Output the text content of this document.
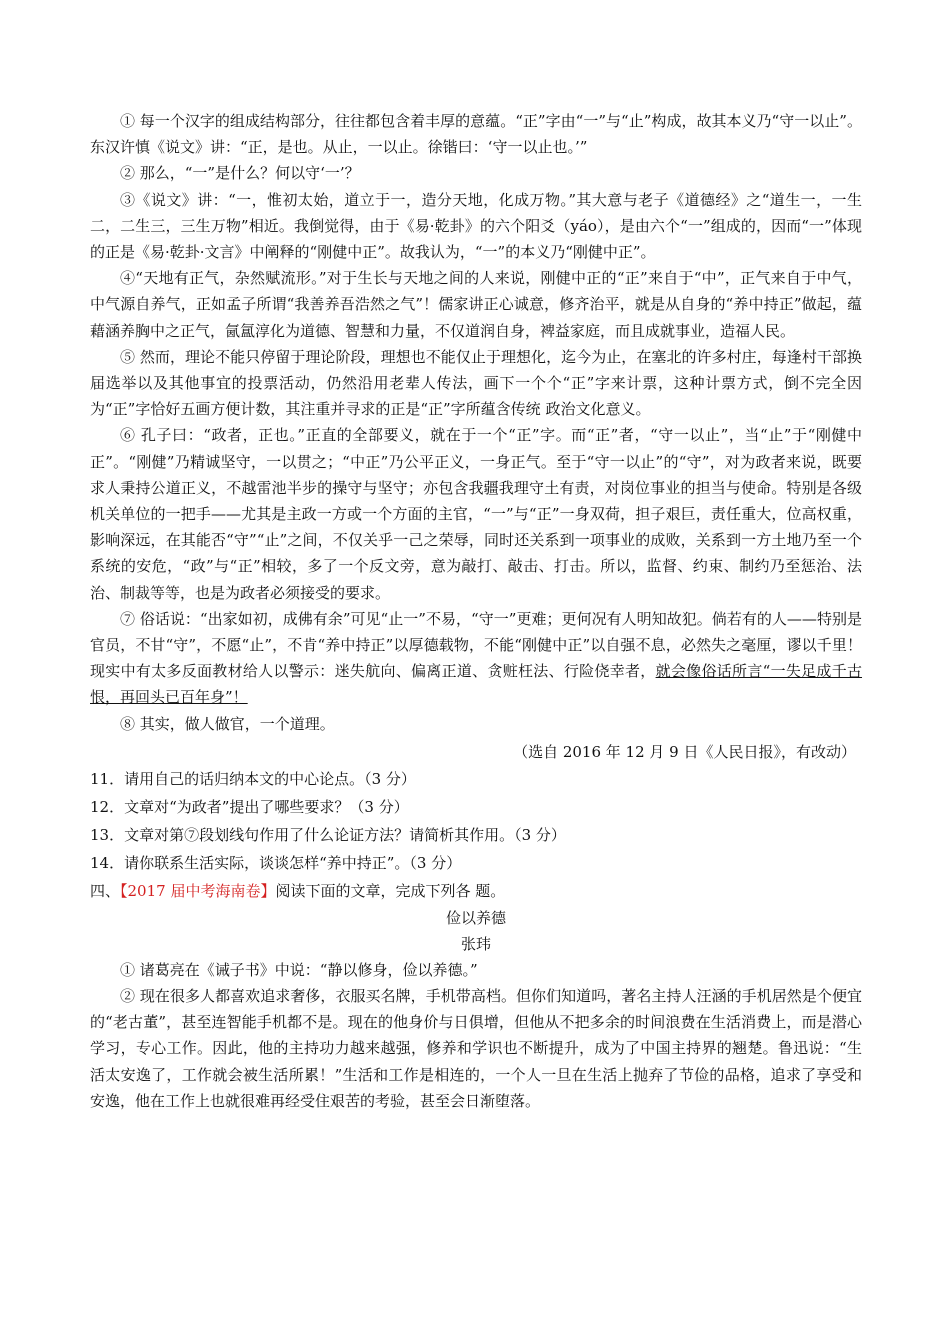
① 每一个汉字的组成结构部分，往往都包含着丰厚的意蕴。“正”字由“一”与“止”构成，故其本义乃“守一以止”。东汉许慎《说文》讲：“正，是也。从止，一以止。徐锴曰：‘守一以止也。’”

② 那么，“一”是什么？何以守‘一’？

③《说文》讲：“一，惟初太始，道立于一，造分天地，化成万物。”其大意与老子《道德经》之“道生一，一生二，二生三，三生万物”相近。我倒觉得，由于《易·乾卦》的六个阳爻（yáo），是由六个“一”组成的，因而“一”体现的正是《易·乾卦·文言》中阐释的“刚健中正”。故我认为，“一”的本义乃“刚健中正”。

④“天地有正气，杂然赋流形。”对于生长与天地之间的人来说，刚健中正的“正”来自于“中”，正气来自于中气，中气源自养气，正如孟子所谓“我善养吾浩然之气”！儒家讲正心诚意，修齐治平，就是从自身的“养中持正”做起，蕴藉涵养胸中之正气，氤氲淳化为道德、智慧和力量，不仅道润自身，裨益家庭，而且成就事业，造福人民。

⑤ 然而，理论不能只停留于理论阶段，理想也不能仅止于理想化，迄今为止，在塞北的许多村庄，每逢村干部换届选举以及其他事宜的投票活动，仍然沿用老辈人传法，画下一个个“正”字来计票，这种计票方式，倒不完全因为“正”字恰好五画方便计数，其注重并寻求的正是“正”字所蕴含传统 政治文化意义。

⑥ 孔子曰：“政者，正也。”正直的全部要义，就在于一个“正”字。而“正”者，“守一以止”，当“止”于“刚健中正”。“刚健”乃精诚坚守，一以贯之；“中正”乃公平正义，一身正气。至于“守一以止”的“守”，对为政者来说，既要求人秉持公道正义，不越雷池半步的操守与坚守；亦包含我疆我理守土有责，对岗位事业的担当与使命。特别是各级机关单位的一把手——尤其是主政一方或一个方面的主官，“一”与“正”一身双荷，担子艰巨，责任重大，位高权重，影响深远，在其能否“守”“止”之间，不仅关乎一己之荣辱，同时还关系到一项事业的成败，关系到一方土地乃至一个系统的安危，“政”与“正”相较，多了一个反文旁，意为敲打、敲击、打击。所以，监督、约束、制约乃至惩治、法治、制裁等等，也是为政者必须接受的要求。

⑦ 俗话说：“出家如初，成佛有余”可见“止一”不易，“守一”更难；更何况有人明知故犯。倘若有的人——特别是官员，不甘“守”，不愿“止”，不肯“养中持正”以厚德载物，不能“刚健中正”以自强不息，必然失之毫厘，谬以千里！现实中有太多反面教材给人以警示：迷失航向、偏离正道、贪赃枉法、行险侥幸者，就会像俗话所言“一失足成千古恨，再回头已百年身”！

⑧ 其实，做人做官，一个道理。

（选自 2016 年 12 月 9 日《人民日报》，有改动）

11．请用自己的话归纳本文的中心论点。（3 分）

12．文章对“为政者”提出了哪些要求？（3 分）

13．文章对第⑦段划线句作用了什么论证方法？请简析其作用。（3 分）

14．请你联系生活实际，谈谈怎样“养中持正”。（3 分）

四、【2017 届中考海南卷】阅读下面的文章，完成下列各 题。

俭以养德

张玮

① 诸葛亮在《诫子书》中说：“静以修身，俭以养德。”

② 现在很多人都喜欢追求奢侈，衣服买名牌，手机带高档。但你们知道吗，著名主持人汪涵的手机居然是个便宜的“老古董”，甚至连智能手机都不是。现在的他身价与日俱增，但他从不把多余的时间浪费在生活消费上，而是潜心学习，专心工作。因此，他的主持功力越来越强，修养和学识也不断提升，成为了中国主持界的翘楚。鲁迅说：“生活太安逸了，工作就会被生活所累！”生活和工作是相连的，一个人一旦在生活上抛弃了节俭的品格，追求了享受和安逸，他在工作上也就很难再经受住艰苦的考验，甚至会日渐堕落。
